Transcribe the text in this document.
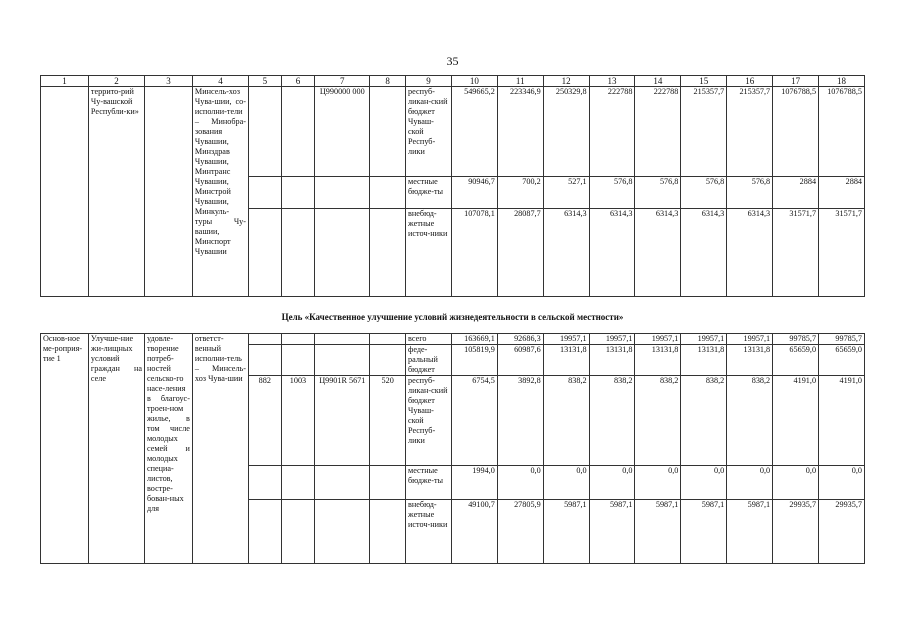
35
1	2	3	4	5	6	7	8	9	10	11	12	13	14	15	16	17	18
	террито-рий Чу-вашской Республи-ки»		Минсель-хоз Чува-шии, со-исполни-тели – Минобра-зования Чувашии, Минздрав Чувашии, Минтранс Чувашии, Минстрой Чувашии, Минкуль-туры Чу-вашии, Минспорт Чувашии			Ц990000 000		респуб-ликан-ский бюджет Чуваш-ской Респуб-лики	549665,2	223346,9	250329,8	222788	222788	215357,7	215357,7	1076788,5	1076788,5
								местные бюдже-ты	90946,7	700,2	527,1	576,8	576,8	576,8	576,8	2884	2884
								внебюд-жетные источ-ники	107078,1	28087,7	6314,3	6314,3	6314,3	6314,3	6314,3	31571,7	31571,7
Цель «Качественное улучшение условий жизнедеятельности в сельской местности»
Основ-ное ме-роприя-тие 1	Улучше-ние жи-лищных условий граждан на селе	удовле-творение потреб-ностей сельско-го насе-ления в благоус-троен-ном жилье, в том числе молодых семей и молодых специа-листов, востре-бован-ных для	ответст-венный исполни-тель – Минсель-хоз Чува-шии					всего	163669,1	92686,3	19957,1	19957,1	19957,1	19957,1	19957,1	99785,7	99785,7
								феде-ральный бюджет	105819,9	60987,6	13131,8	13131,8	13131,8	13131,8	13131,8	65659,0	65659,0
				882	1003	Ц9901R 5671	520	респуб-ликан-ский бюджет Чуваш-ской Респуб-лики	6754,5	3892,8	838,2	838,2	838,2	838,2	838,2	4191,0	4191,0
								местные бюдже-ты	1994,0	0,0	0,0	0,0	0,0	0,0	0,0	0,0	0,0
								внебюд-жетные источ-ники	49100,7	27805,9	5987,1	5987,1	5987,1	5987,1	5987,1	29935,7	29935,7
